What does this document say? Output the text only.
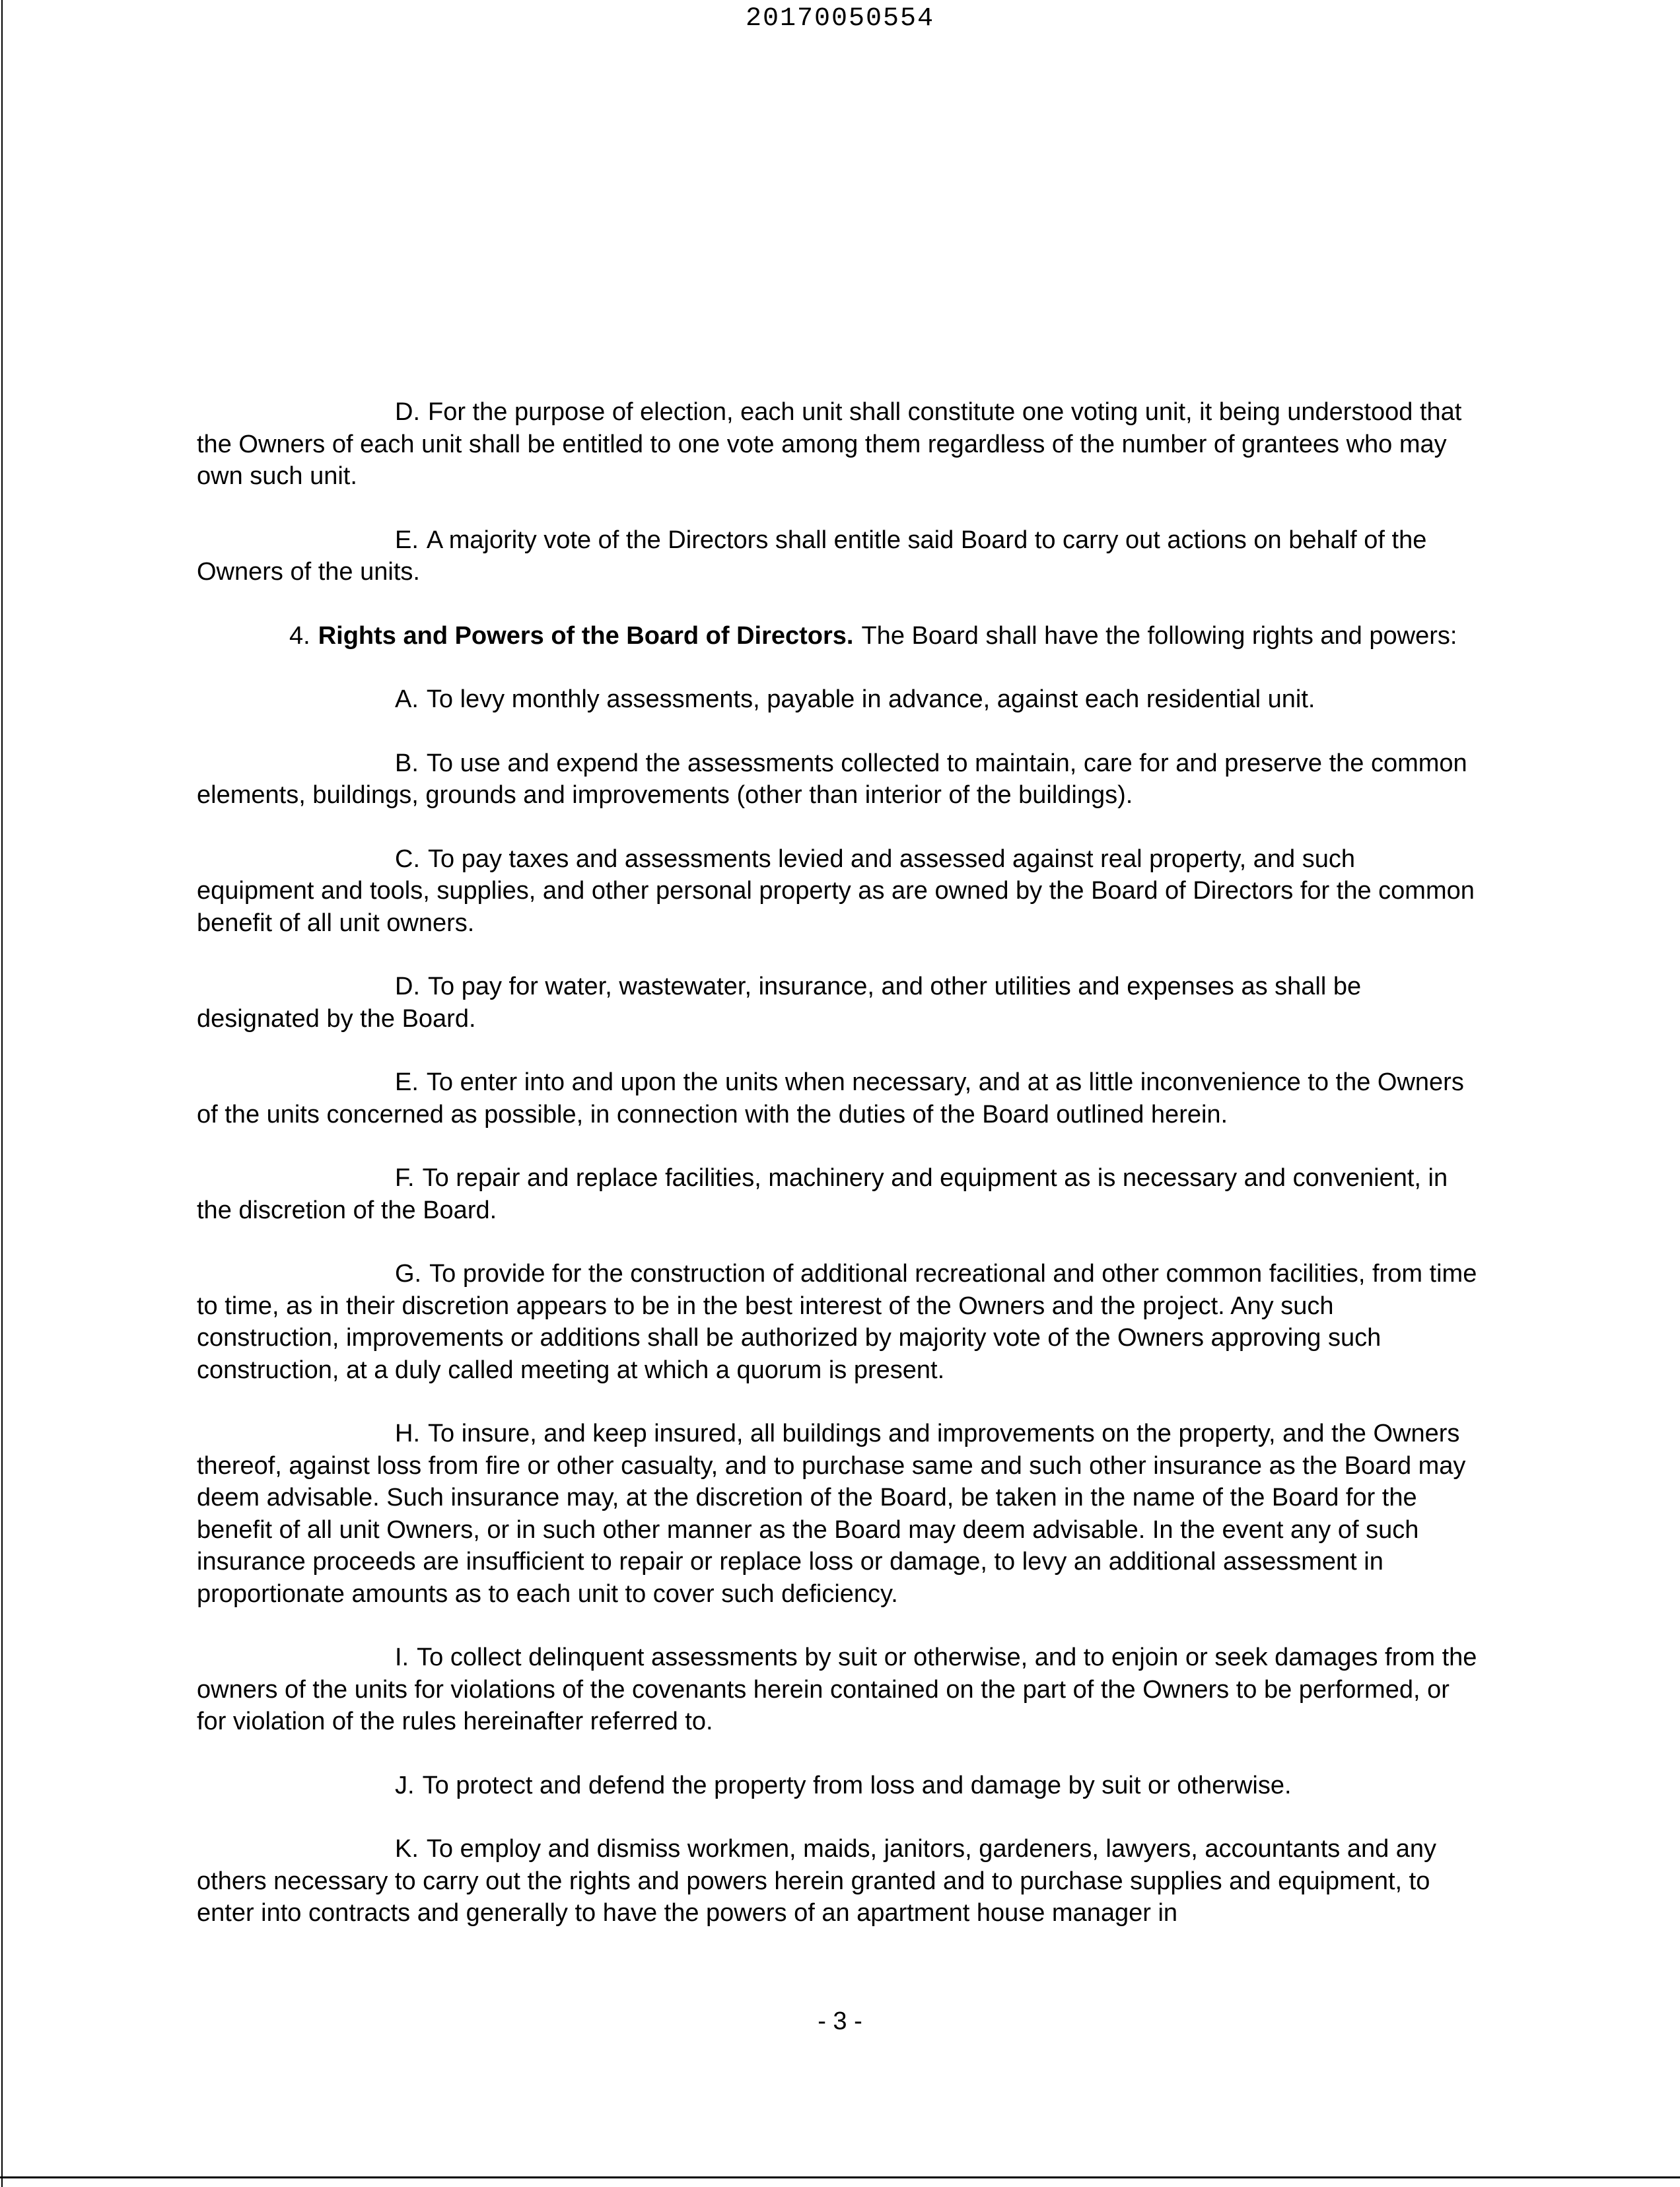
20170050554

D. For the purpose of election, each unit shall constitute one voting unit, it being understood that the Owners of each unit shall be entitled to one vote among them regardless of the number of grantees who may own such unit.

E. A majority vote of the Directors shall entitle said Board to carry out actions on behalf of the Owners of the units.

4. Rights and Powers of the Board of Directors. The Board shall have the following rights and powers:

A. To levy monthly assessments, payable in advance, against each residential unit.

B. To use and expend the assessments collected to maintain, care for and preserve the common elements, buildings, grounds and improvements (other than interior of the buildings).

C. To pay taxes and assessments levied and assessed against real property, and such equipment and tools, supplies, and other personal property as are owned by the Board of Directors for the common benefit of all unit owners.

D. To pay for water, wastewater, insurance, and other utilities and expenses as shall be designated by the Board.

E. To enter into and upon the units when necessary, and at as little inconvenience to the Owners of the units concerned as possible, in connection with the duties of the Board outlined herein.

F. To repair and replace facilities, machinery and equipment as is necessary and convenient, in the discretion of the Board.

G. To provide for the construction of additional recreational and other common facilities, from time to time, as in their discretion appears to be in the best interest of the Owners and the project. Any such construction, improvements or additions shall be authorized by majority vote of the Owners approving such construction, at a duly called meeting at which a quorum is present.

H. To insure, and keep insured, all buildings and improvements on the property, and the Owners thereof, against loss from fire or other casualty, and to purchase same and such other insurance as the Board may deem advisable. Such insurance may, at the discretion of the Board, be taken in the name of the Board for the benefit of all unit Owners, or in such other manner as the Board may deem advisable. In the event any of such insurance proceeds are insufficient to repair or replace loss or damage, to levy an additional assessment in proportionate amounts as to each unit to cover such deficiency.

I. To collect delinquent assessments by suit or otherwise, and to enjoin or seek damages from the owners of the units for violations of the covenants herein contained on the part of the Owners to be performed, or for violation of the rules hereinafter referred to.

J. To protect and defend the property from loss and damage by suit or otherwise.

K. To employ and dismiss workmen, maids, janitors, gardeners, lawyers, accountants and any others necessary to carry out the rights and powers herein granted and to purchase supplies and equipment, to enter into contracts and generally to have the powers of an apartment house manager in

- 3 -
